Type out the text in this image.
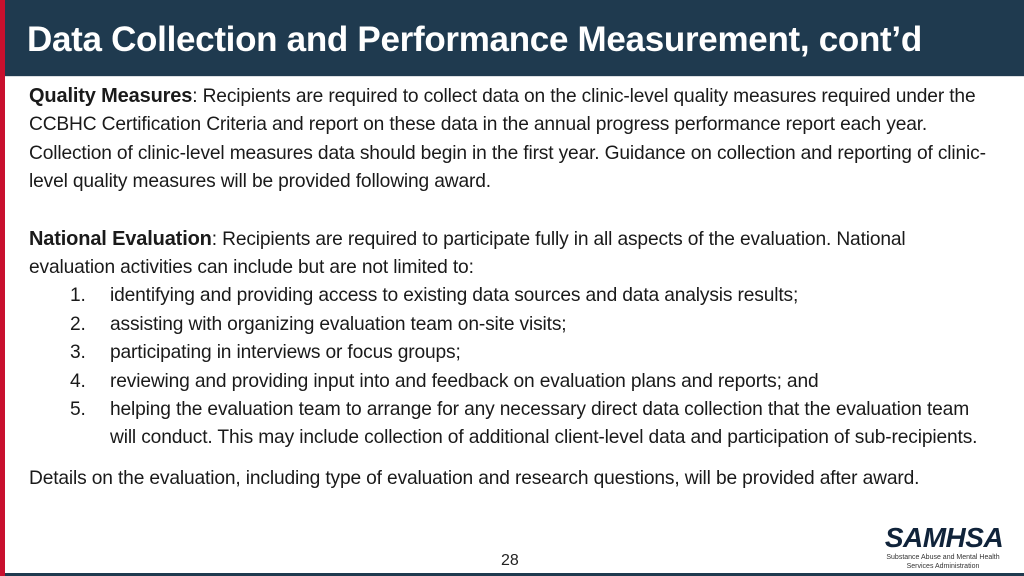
Data Collection and Performance Measurement, cont’d

Quality Measures: Recipients are required to collect data on the clinic-level quality measures required under the CCBHC Certification Criteria and report on these data in the annual progress performance report each year. Collection of clinic-level measures data should begin in the first year. Guidance on collection and reporting of clinic-level quality measures will be provided following award.

National Evaluation: Recipients are required to participate fully in all aspects of the evaluation. National evaluation activities can include but are not limited to:

1.	identifying and providing access to existing data sources and data analysis results;
2.	assisting with organizing evaluation team on-site visits;
3.	participating in interviews or focus groups;
4.	reviewing and providing input into and feedback on evaluation plans and reports; and
5.	helping the evaluation team to arrange for any necessary direct data collection that the evaluation team will conduct. This may include collection of additional client-level data and participation of sub-recipients.

Details on the evaluation, including type of evaluation and research questions, will be provided after award.

28
SAMHSA
Substance Abuse and Mental Health Services Administration
